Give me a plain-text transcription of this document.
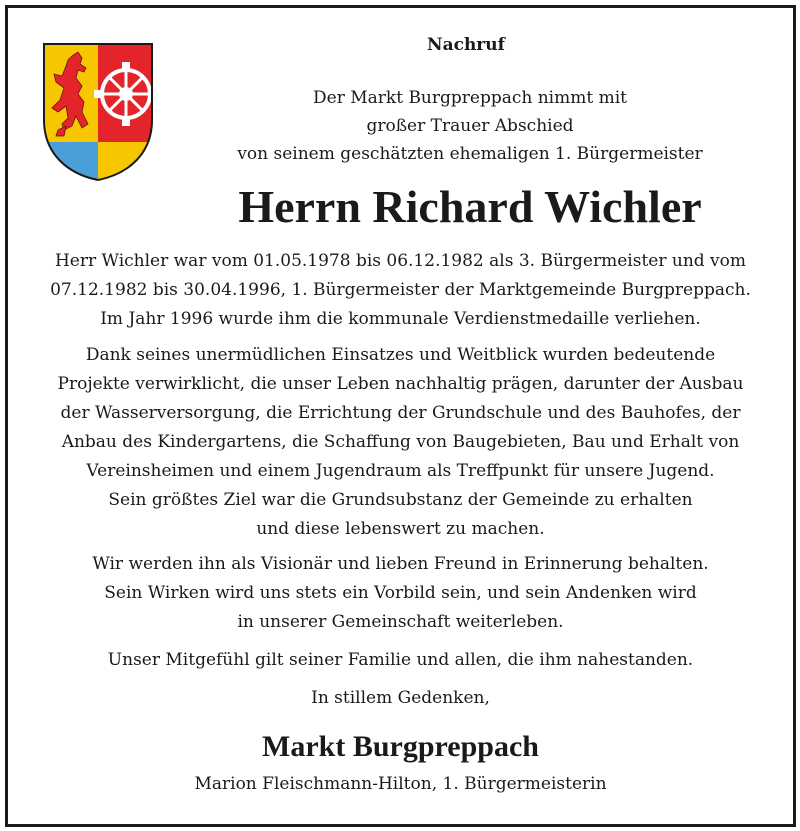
Nachruf
Der Markt Burgpreppach nimmt mit
großer Trauer Abschied
von seinem geschätzten ehemaligen 1. Bürgermeister
Herrn Richard Wichler
Herr Wichler war vom 01.05.1978 bis 06.12.1982 als 3. Bürgermeister und vom
07.12.1982 bis 30.04.1996, 1. Bürgermeister der Marktgemeinde Burgpreppach.
Im Jahr 1996 wurde ihm die kommunale Verdienstmedaille verliehen.
Dank seines unermüdlichen Einsatzes und Weitblick wurden bedeutende
Projekte verwirklicht, die unser Leben nachhaltig prägen, darunter der Ausbau
der Wasserversorgung, die Errichtung der Grundschule und des Bauhofes, der
Anbau des Kindergartens, die Schaffung von Baugebieten, Bau und Erhalt von
Vereinsheimen und einem Jugendraum als Treffpunkt für unsere Jugend.
Sein größtes Ziel war die Grundsubstanz der Gemeinde zu erhalten
und diese lebenswert zu machen.
Wir werden ihn als Visionär und lieben Freund in Erinnerung behalten.
Sein Wirken wird uns stets ein Vorbild sein, und sein Andenken wird
in unserer Gemeinschaft weiterleben.
Unser Mitgefühl gilt seiner Familie und allen, die ihm nahestanden.
In stillem Gedenken,
Markt Burgpreppach
Marion Fleischmann-Hilton, 1. Bürgermeisterin
